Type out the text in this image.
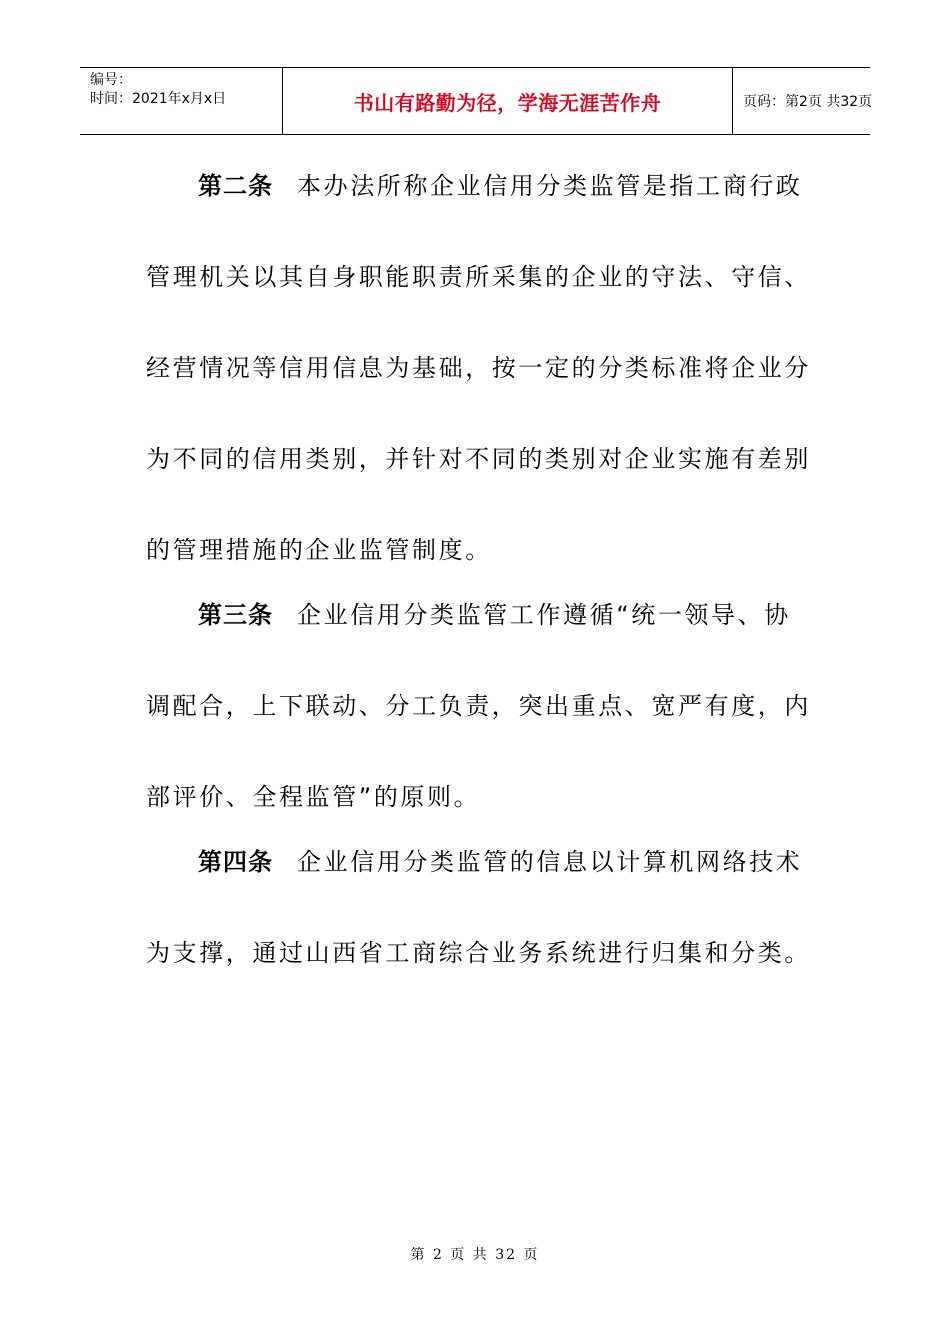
编号：
时间：2021年x月x日	书山有路勤为径，学海无涯苦作舟	页码：第2页 共32页
第二条 本办法所称企业信用分类监管是指工商行政
管理机关以其自身职能职责所采集的企业的守法、守信、
经营情况等信用信息为基础，按一定的分类标准将企业分
为不同的信用类别，并针对不同的类别对企业实施有差别
的管理措施的企业监管制度。
第三条 企业信用分类监管工作遵循“统一领导、协
调配合，上下联动、分工负责，突出重点、宽严有度，内
部评价、全程监管”的原则。
第四条 企业信用分类监管的信息以计算机网络技术
为支撑，通过山西省工商综合业务系统进行归集和分类。
第 2 页 共 32 页
